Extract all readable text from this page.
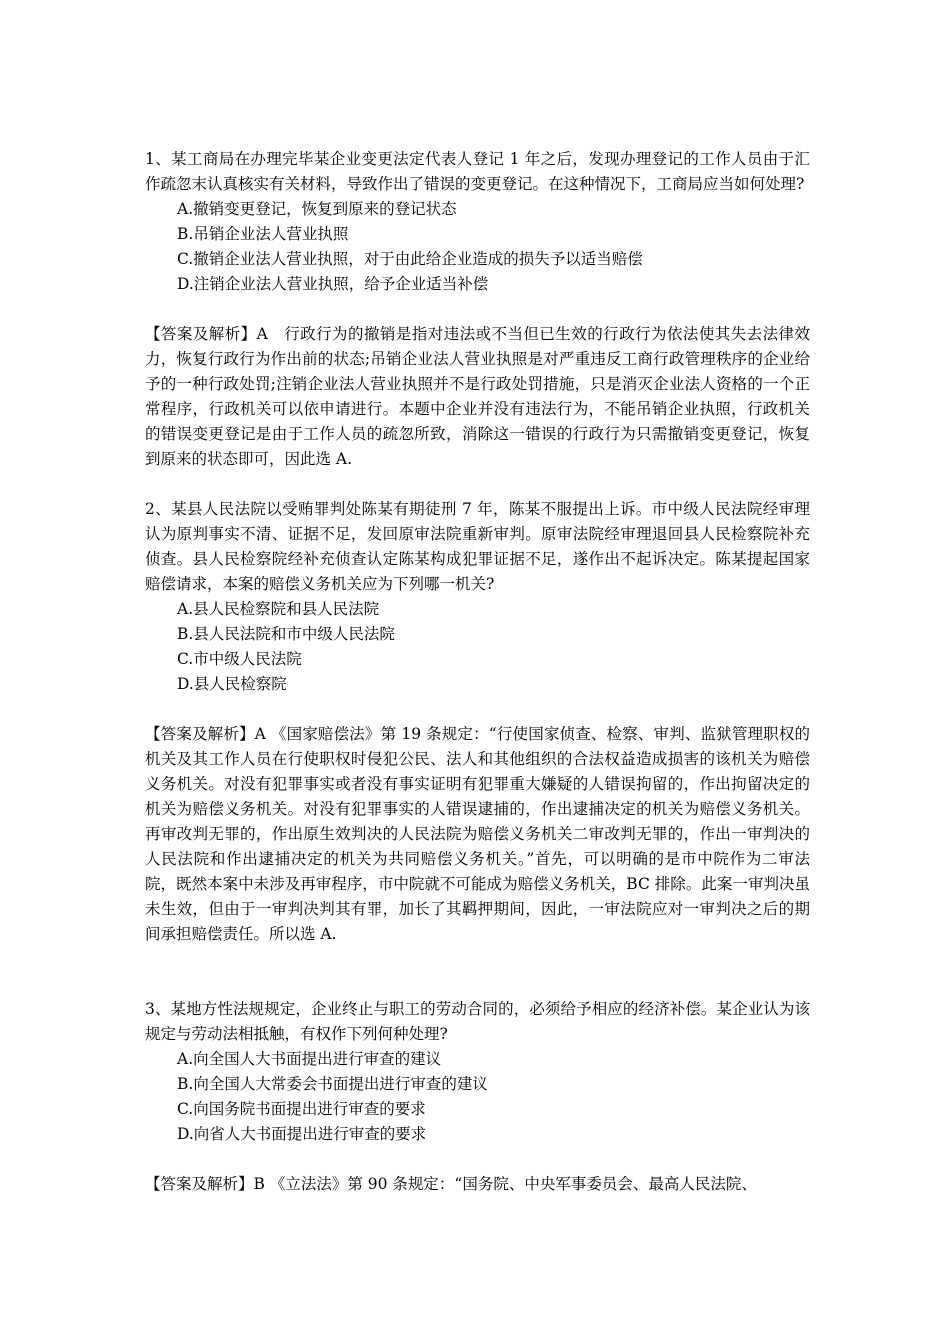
1、某工商局在办理完毕某企业变更法定代表人登记 1 年之后，发现办理登记的工作人员由于汇作疏忽末认真核实有关材料，导致作出了错误的变更登记。在这种情况下，工商局应当如何处理?

A.撤销变更登记，恢复到原来的登记状态
B.吊销企业法人营业执照
C.撤销企业法人营业执照，对于由此给企业造成的损失予以适当赔偿
D.注销企业法人营业执照，给予企业适当补偿

【答案及解析】A　行政行为的撤销是指对违法或不当但已生效的行政行为依法使其失去法律效力，恢复行政行为作出前的状态;吊销企业法人营业执照是对严重违反工商行政管理秩序的企业给予的一种行政处罚;注销企业法人营业执照并不是行政处罚措施，只是消灭企业法人资格的一个正常程序，行政机关可以依申请进行。本题中企业并没有违法行为，不能吊销企业执照，行政机关的错误变更登记是由于工作人员的疏忽所致，消除这一错误的行政行为只需撤销变更登记，恢复到原来的状态即可，因此选 A.

2、某县人民法院以受贿罪判处陈某有期徒刑 7 年，陈某不服提出上诉。市中级人民法院经审理认为原判事实不清、证据不足，发回原审法院重新审判。原审法院经审理退回县人民检察院补充侦查。县人民检察院经补充侦查认定陈某构成犯罪证据不足，遂作出不起诉决定。陈某提起国家赔偿请求，本案的赔偿义务机关应为下列哪一机关?

A.县人民检察院和县人民法院
B.县人民法院和市中级人民法院
C.市中级人民法院
D.县人民检察院

【答案及解析】A 《国家赔偿法》第 19 条规定：“行使国家侦查、检察、审判、监狱管理职权的机关及其工作人员在行使职权时侵犯公民、法人和其他组织的合法权益造成损害的该机关为赔偿义务机关。对没有犯罪事实或者没有事实证明有犯罪重大嫌疑的人错误拘留的，作出拘留决定的机关为赔偿义务机关。对没有犯罪事实的人错误逮捕的，作出逮捕决定的机关为赔偿义务机关。再审改判无罪的，作出原生效判决的人民法院为赔偿义务机关二审改判无罪的，作出一审判决的人民法院和作出逮捕决定的机关为共同赔偿义务机关。”首先，可以明确的是市中院作为二审法院，既然本案中未涉及再审程序，市中院就不可能成为赔偿义务机关，BC 排除。此案一审判决虽未生效，但由于一审判决判其有罪，加长了其羁押期间，因此，一审法院应对一审判决之后的期间承担赔偿责任。所以选 A.

3、某地方性法规规定，企业终止与职工的劳动合同的，必须给予相应的经济补偿。某企业认为该规定与劳动法相抵触，有权作下列何种处理?

A.向全国人大书面提出进行审查的建议
B.向全国人大常委会书面提出进行审查的建议
C.向国务院书面提出进行审查的要求
D.向省人大书面提出进行审查的要求

【答案及解析】B 《立法法》第 90 条规定：“国务院、中央军事委员会、最高人民法院、
